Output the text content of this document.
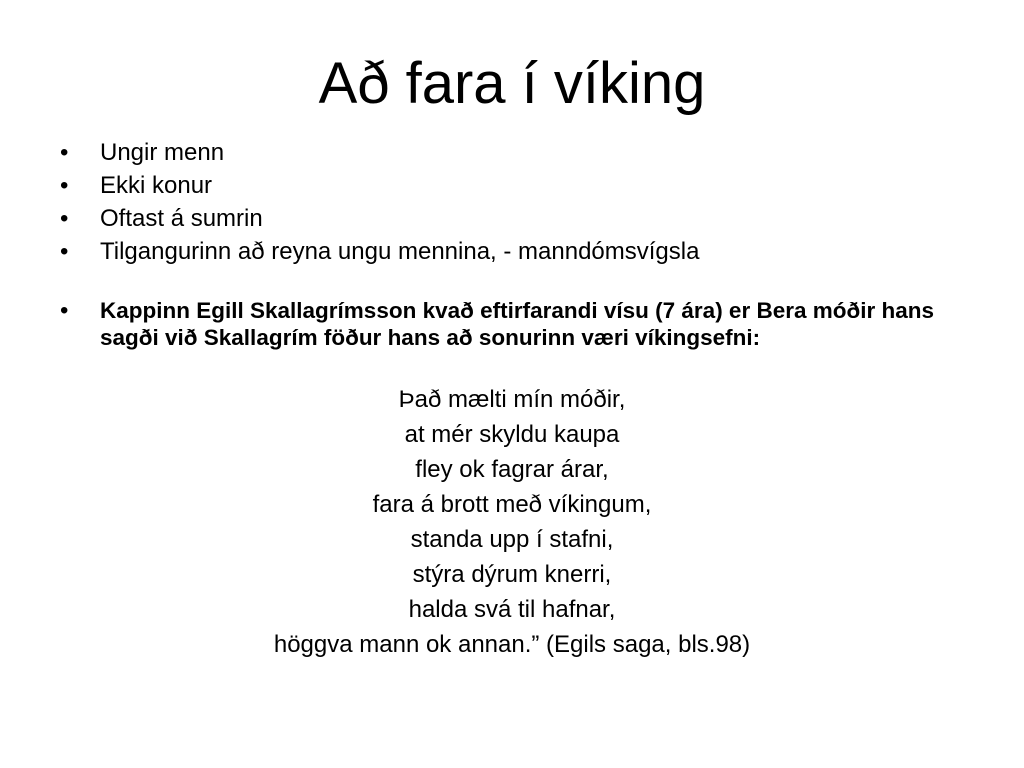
Að fara í víking
• Ungir menn
• Ekki konur
• Oftast á sumrin
• Tilgangurinn að reyna ungu mennina, - manndómsvígsla
• Kappinn Egill Skallagrímsson kvað eftirfarandi vísu (7 ára) er Bera móðir hans sagði við Skallagrím föður hans að sonurinn væri víkingsefni:
Það mælti mín móðir,
at mér skyldu kaupa
fley ok fagrar árar,
fara á brott með víkingum,
standa upp í stafni,
stýra dýrum knerri,
halda svá til hafnar,
höggva mann ok annan.” (Egils saga, bls.98)
